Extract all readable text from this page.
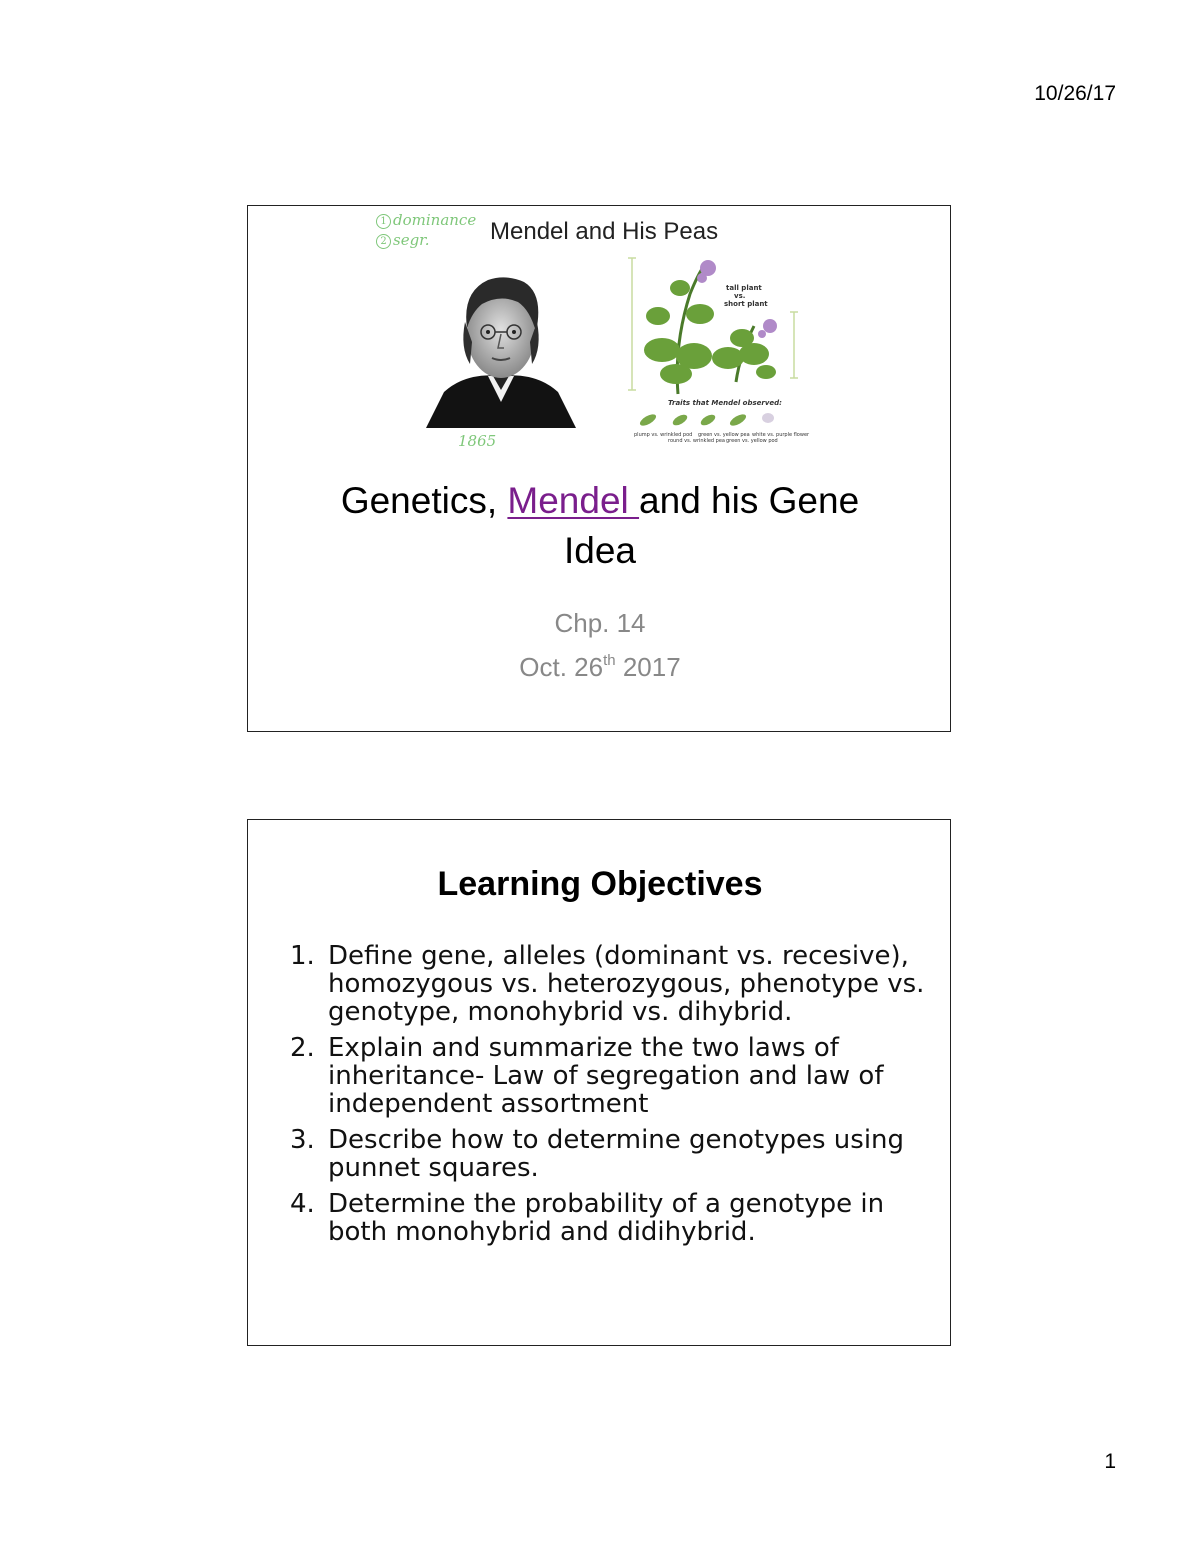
10/26/17
1 dominance
2 segr.	Mendel and His Peas
1865
tall plant
vs.
short plant
Traits that Mendel observed:
plump vs. wrinkled pod
round vs. wrinkled pea
green vs. yellow pea
green vs. yellow pod
white vs. purple flower
Genetics, Mendel and his Gene
Idea
Chp. 14
Oct. 26th 2017
Learning Objectives
1. Define gene, alleles (dominant vs. recesive), homozygous vs. heterozygous, phenotype vs. genotype, monohybrid vs. dihybrid.
2. Explain and summarize the two laws of inheritance- Law of segregation and law of independent assortment
3. Describe how to determine genotypes using punnet squares.
4. Determine the probability of a genotype in both monohybrid and didihybrid.
1
